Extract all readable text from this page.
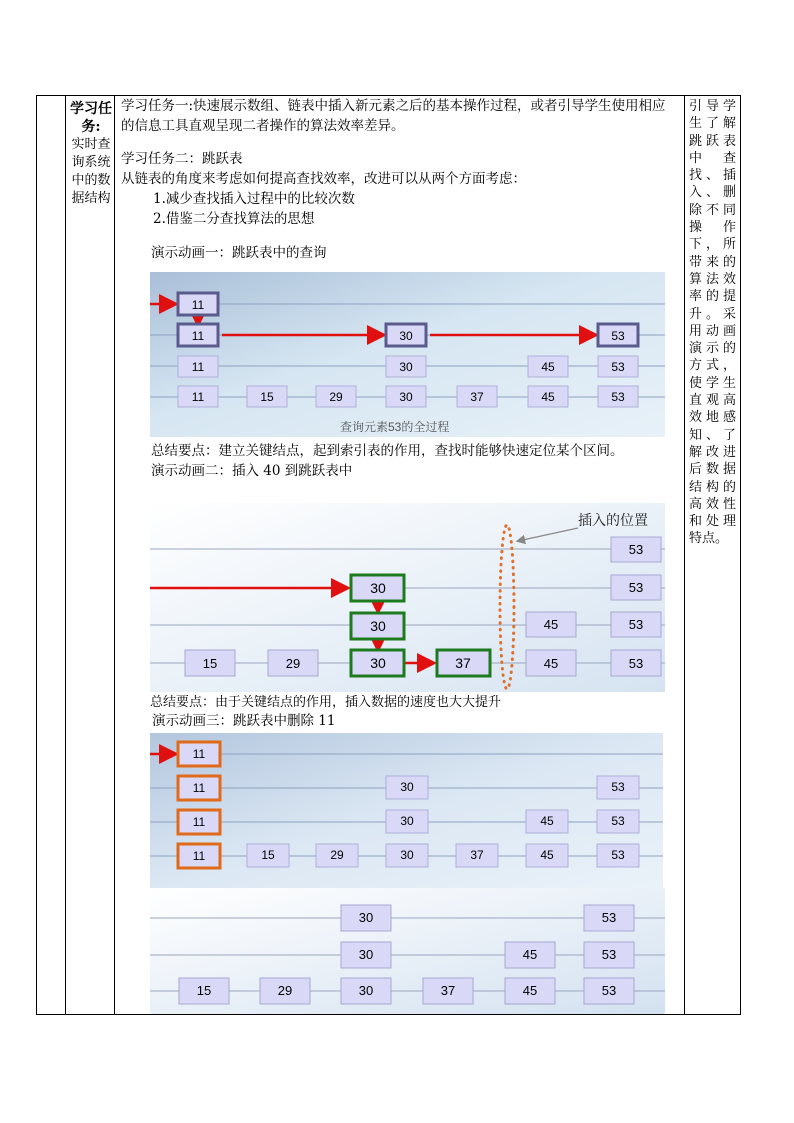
学习任务:
实时查询系统中的数据结构
引导学生了解跳跃表中 查找、插入、删除不同操 作下，所带来的算法效率的提升。采用动画演示的方式，使学生直观高效地感知、了解改进后数据结构的高效性和处理特点。

学习任务一:快速展示数组、链表中插入新元素之后的基本操作过程，或者引导学生使用相应的信息工具直观呈现二者操作的算法效率差异。

学习任务二：跳跃表

从链表的角度来考虑如何提高查找效率，改进可以从两个方面考虑：

1.减少查找插入过程中的比较次数

2.借鉴二分查找算法的思想

演示动画一：跳跃表中的查询

11
11	30	53
11	30	45	53
11	15	29	30	37	45	53
查询元素53的全过程

总结要点：建立关键结点，起到索引表的作用，查找时能够快速定位某个区间。

演示动画二：插入 40 到跳跃表中

插入的位置
53
30	53
30	45	53
15	29	30	37	45	53

总结要点：由于关键结点的作用，插入数据的速度也大大提升

演示动画三：跳跃表中删除 11

11
11	30	53
11	30	45	53
11	15	29	30	37	45	53
30	53
30	45	53
15	29	30	37	45	53
